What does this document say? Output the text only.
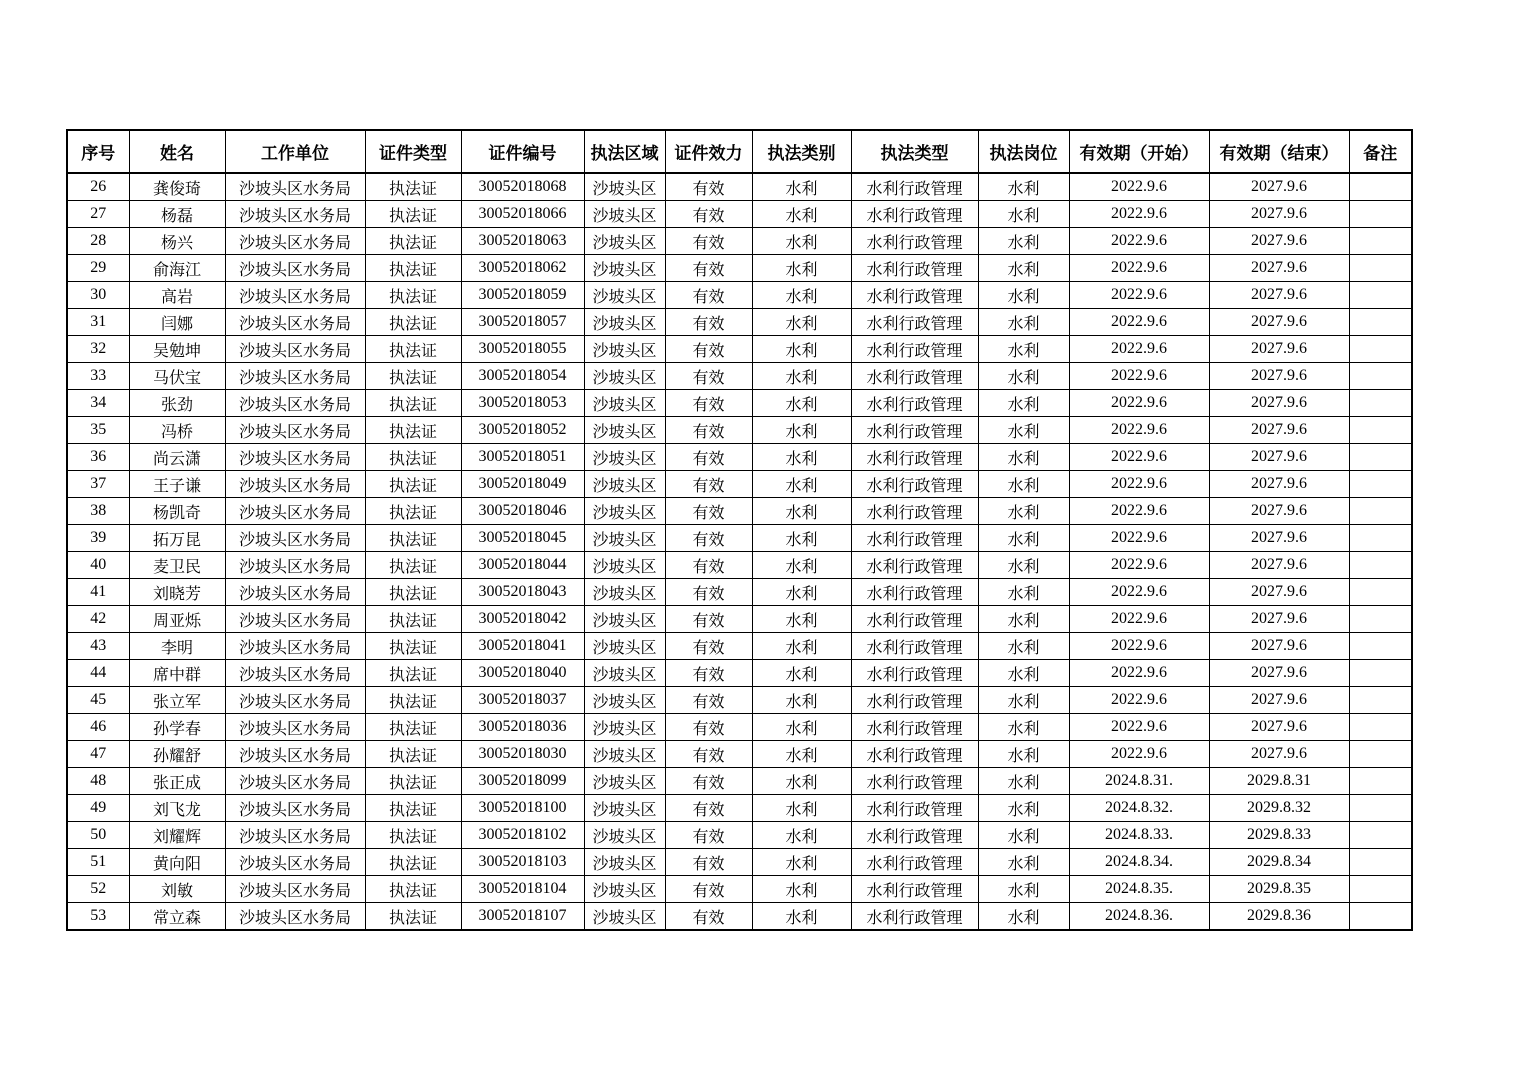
序号	姓名	工作单位	证件类型	证件编号	执法区域	证件效力	执法类别	执法类型	执法岗位	有效期（开始）	有效期（结束）	备注
26	龚俊琦	沙坡头区水务局	执法证	30052018068	沙坡头区	有效	水利	水利行政管理	水利	2022.9.6	2027.9.6	
27	杨磊	沙坡头区水务局	执法证	30052018066	沙坡头区	有效	水利	水利行政管理	水利	2022.9.6	2027.9.6	
28	杨兴	沙坡头区水务局	执法证	30052018063	沙坡头区	有效	水利	水利行政管理	水利	2022.9.6	2027.9.6	
29	俞海江	沙坡头区水务局	执法证	30052018062	沙坡头区	有效	水利	水利行政管理	水利	2022.9.6	2027.9.6	
30	高岩	沙坡头区水务局	执法证	30052018059	沙坡头区	有效	水利	水利行政管理	水利	2022.9.6	2027.9.6	
31	闫娜	沙坡头区水务局	执法证	30052018057	沙坡头区	有效	水利	水利行政管理	水利	2022.9.6	2027.9.6	
32	吴勉坤	沙坡头区水务局	执法证	30052018055	沙坡头区	有效	水利	水利行政管理	水利	2022.9.6	2027.9.6	
33	马伏宝	沙坡头区水务局	执法证	30052018054	沙坡头区	有效	水利	水利行政管理	水利	2022.9.6	2027.9.6	
34	张劲	沙坡头区水务局	执法证	30052018053	沙坡头区	有效	水利	水利行政管理	水利	2022.9.6	2027.9.6	
35	冯桥	沙坡头区水务局	执法证	30052018052	沙坡头区	有效	水利	水利行政管理	水利	2022.9.6	2027.9.6	
36	尚云潇	沙坡头区水务局	执法证	30052018051	沙坡头区	有效	水利	水利行政管理	水利	2022.9.6	2027.9.6	
37	王子谦	沙坡头区水务局	执法证	30052018049	沙坡头区	有效	水利	水利行政管理	水利	2022.9.6	2027.9.6	
38	杨凯奇	沙坡头区水务局	执法证	30052018046	沙坡头区	有效	水利	水利行政管理	水利	2022.9.6	2027.9.6	
39	拓万昆	沙坡头区水务局	执法证	30052018045	沙坡头区	有效	水利	水利行政管理	水利	2022.9.6	2027.9.6	
40	麦卫民	沙坡头区水务局	执法证	30052018044	沙坡头区	有效	水利	水利行政管理	水利	2022.9.6	2027.9.6	
41	刘晓芳	沙坡头区水务局	执法证	30052018043	沙坡头区	有效	水利	水利行政管理	水利	2022.9.6	2027.9.6	
42	周亚烁	沙坡头区水务局	执法证	30052018042	沙坡头区	有效	水利	水利行政管理	水利	2022.9.6	2027.9.6	
43	李明	沙坡头区水务局	执法证	30052018041	沙坡头区	有效	水利	水利行政管理	水利	2022.9.6	2027.9.6	
44	席中群	沙坡头区水务局	执法证	30052018040	沙坡头区	有效	水利	水利行政管理	水利	2022.9.6	2027.9.6	
45	张立军	沙坡头区水务局	执法证	30052018037	沙坡头区	有效	水利	水利行政管理	水利	2022.9.6	2027.9.6	
46	孙学春	沙坡头区水务局	执法证	30052018036	沙坡头区	有效	水利	水利行政管理	水利	2022.9.6	2027.9.6	
47	孙耀舒	沙坡头区水务局	执法证	30052018030	沙坡头区	有效	水利	水利行政管理	水利	2022.9.6	2027.9.6	
48	张正成	沙坡头区水务局	执法证	30052018099	沙坡头区	有效	水利	水利行政管理	水利	2024.8.31.	2029.8.31	
49	刘飞龙	沙坡头区水务局	执法证	30052018100	沙坡头区	有效	水利	水利行政管理	水利	2024.8.32.	2029.8.32	
50	刘耀辉	沙坡头区水务局	执法证	30052018102	沙坡头区	有效	水利	水利行政管理	水利	2024.8.33.	2029.8.33	
51	黄向阳	沙坡头区水务局	执法证	30052018103	沙坡头区	有效	水利	水利行政管理	水利	2024.8.34.	2029.8.34	
52	刘敏	沙坡头区水务局	执法证	30052018104	沙坡头区	有效	水利	水利行政管理	水利	2024.8.35.	2029.8.35	
53	常立森	沙坡头区水务局	执法证	30052018107	沙坡头区	有效	水利	水利行政管理	水利	2024.8.36.	2029.8.36	
